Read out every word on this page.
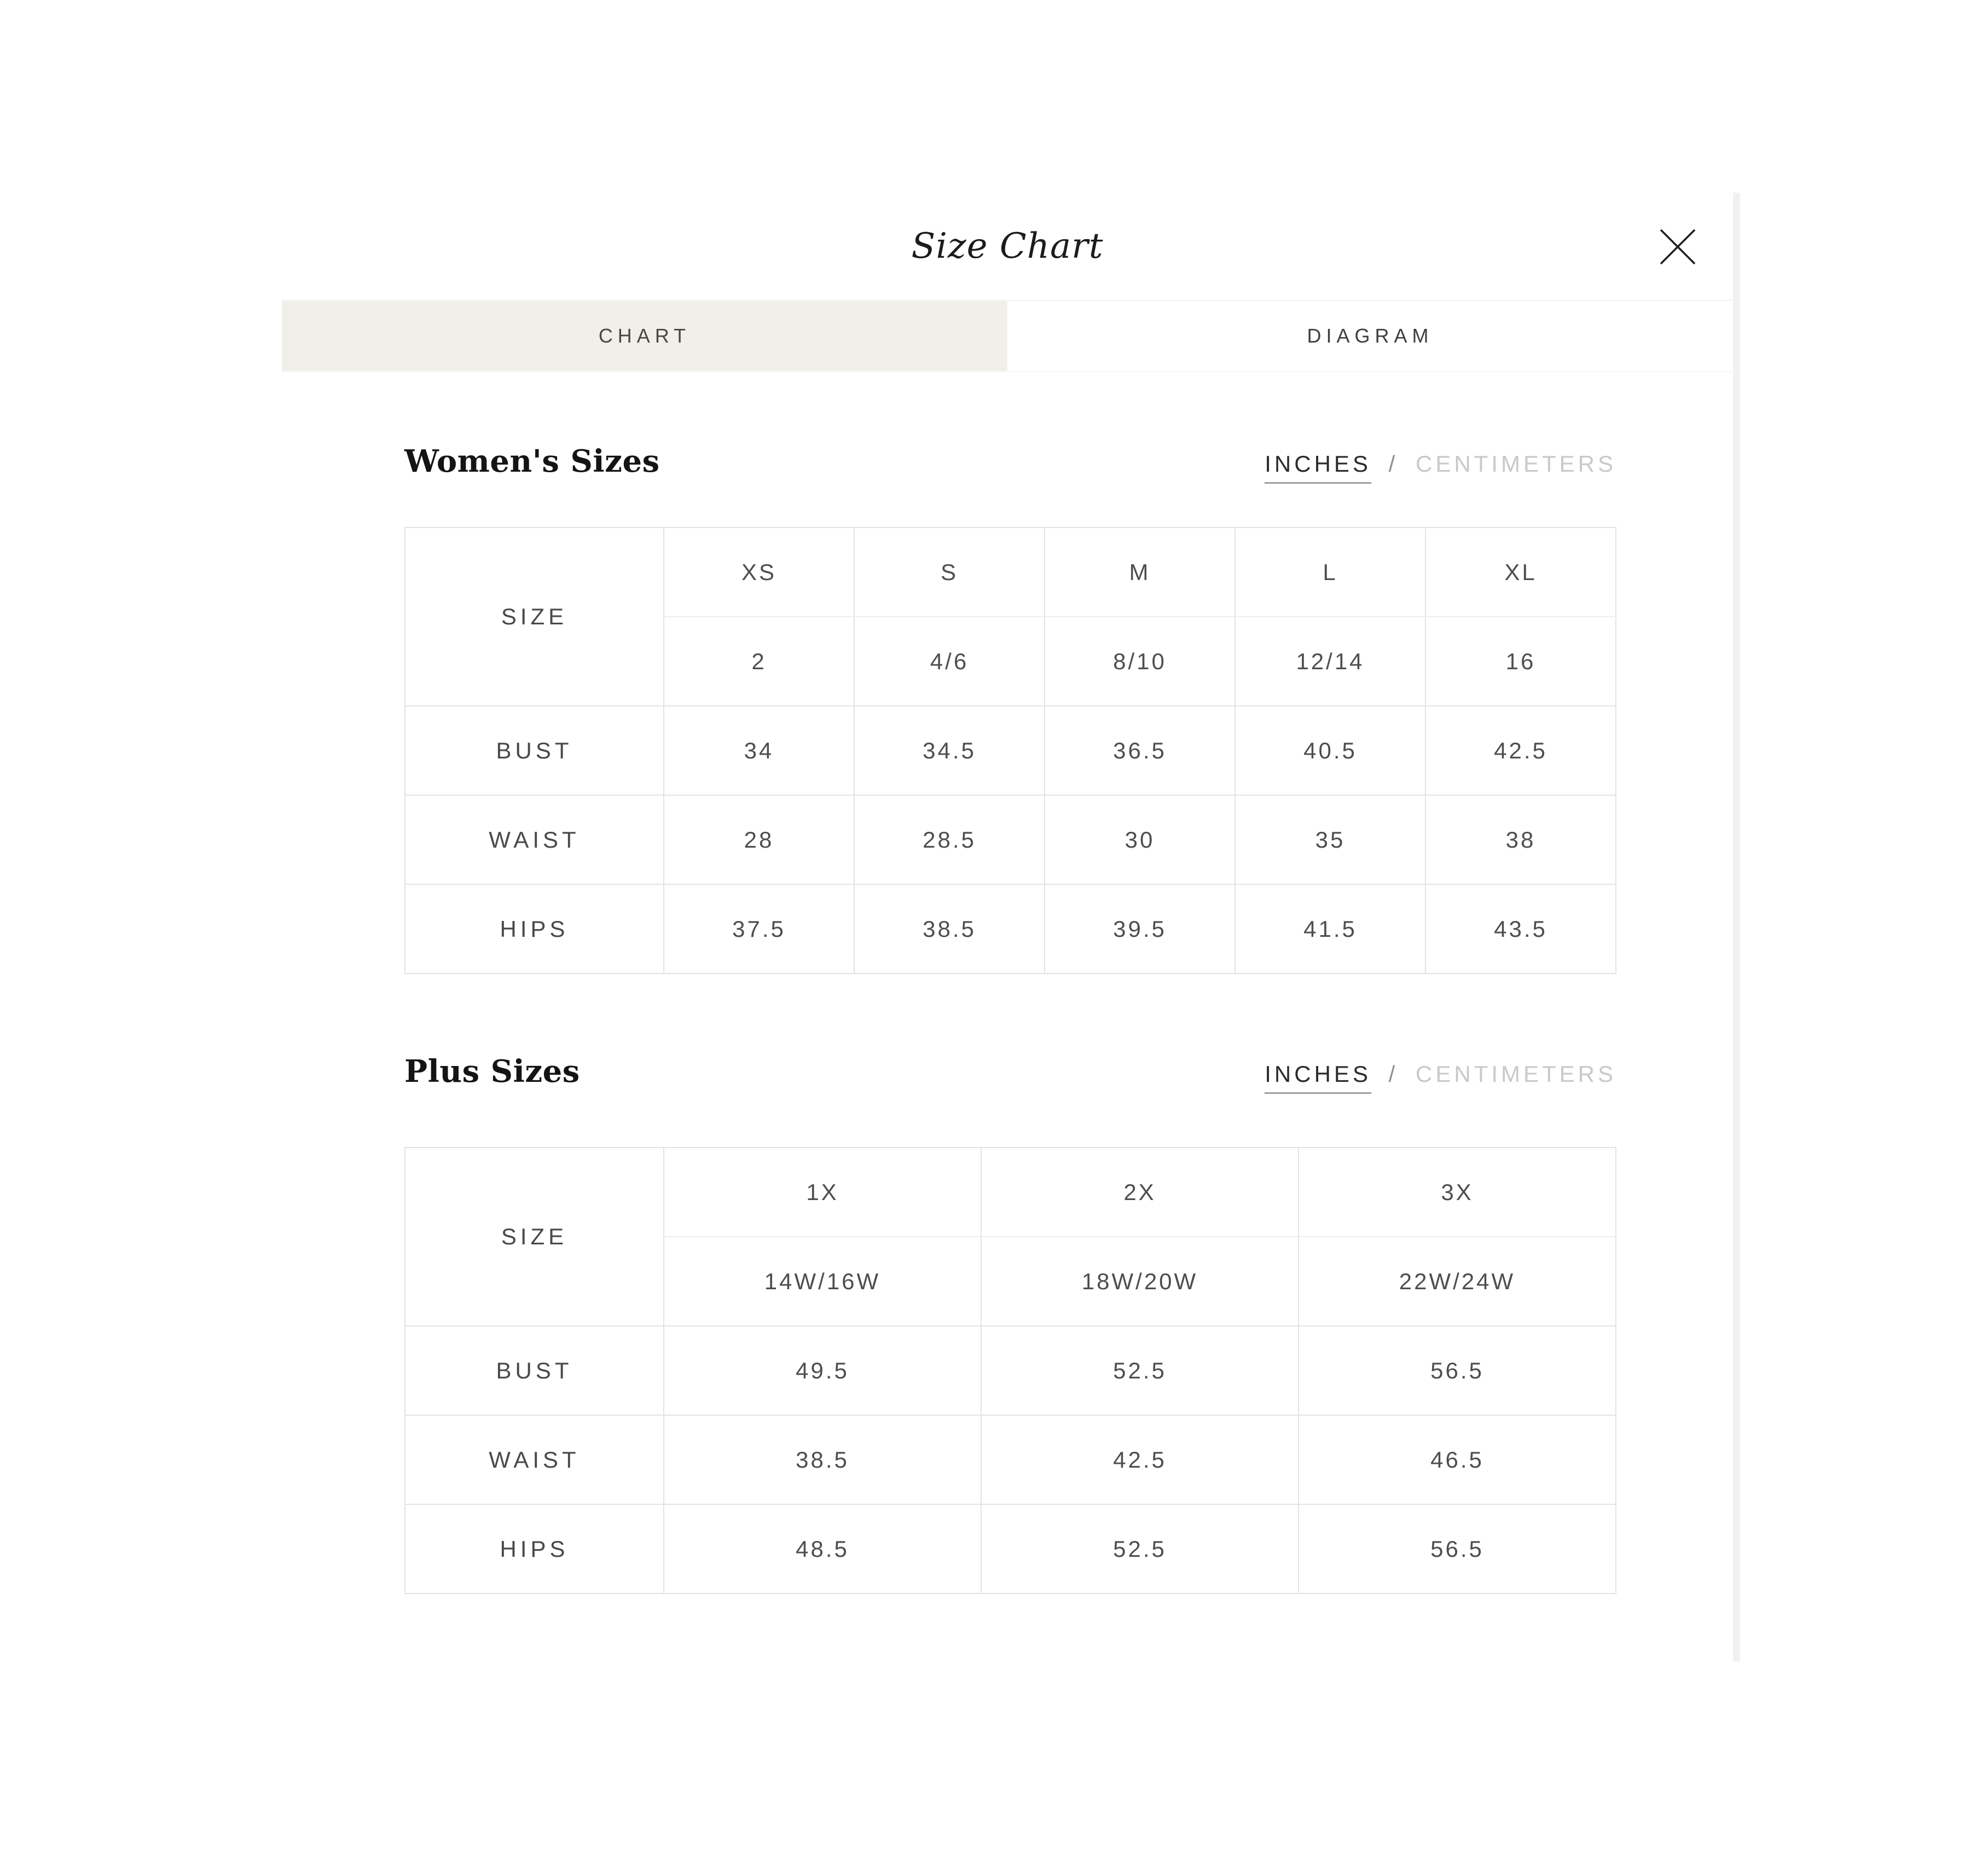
Size Chart
CHART	DIAGRAM
Women's Sizes	INCHES / CENTIMETERS
SIZE	XS	S	M	L	XL
	2	4/6	8/10	12/14	16
BUST	34	34.5	36.5	40.5	42.5
WAIST	28	28.5	30	35	38
HIPS	37.5	38.5	39.5	41.5	43.5
Plus Sizes	INCHES / CENTIMETERS
SIZE	1X	2X	3X
	14W/16W	18W/20W	22W/24W
BUST	49.5	52.5	56.5
WAIST	38.5	42.5	46.5
HIPS	48.5	52.5	56.5
